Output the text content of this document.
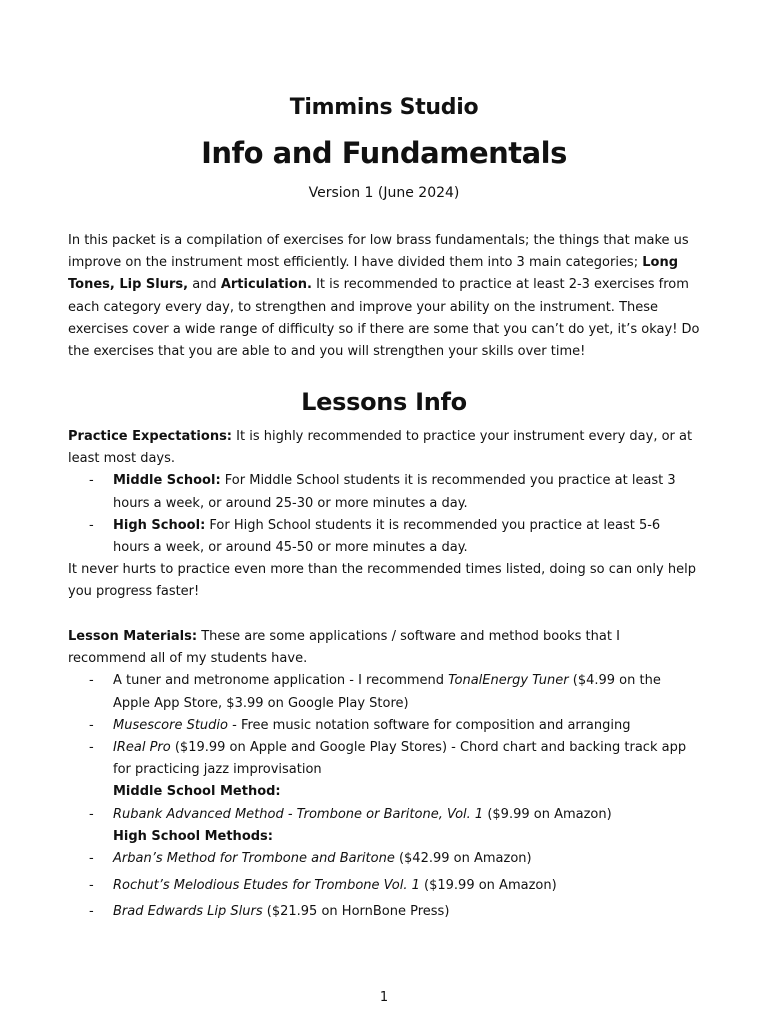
Timmins Studio
Info and Fundamentals
Version 1 (June 2024)
In this packet is a compilation of exercises for low brass fundamentals; the things that make us improve on the instrument most efficiently. I have divided them into 3 main categories; Long Tones, Lip Slurs, and Articulation. It is recommended to practice at least 2-3 exercises from each category every day, to strengthen and improve your ability on the instrument. These exercises cover a wide range of difficulty so if there are some that you can’t do yet, it’s okay! Do the exercises that you are able to and you will strengthen your skills over time!
Lessons Info

Practice Expectations: It is highly recommended to practice your instrument every day, or at least most days.

- Middle School: For Middle School students it is recommended you practice at least 3 hours a week, or around 25-30 or more minutes a day.
- High School: For High School students it is recommended you practice at least 5-6 hours a week, or around 45-50 or more minutes a day.

It never hurts to practice even more than the recommended times listed, doing so can only help you progress faster!

Lesson Materials: These are some applications / software and method books that I recommend all of my students have.

- A tuner and metronome application - I recommend TonalEnergy Tuner ($4.99 on the Apple App Store, $3.99 on Google Play Store)
- Musescore Studio - Free music notation software for composition and arranging
- IReal Pro ($19.99 on Apple and Google Play Stores) - Chord chart and backing track app for practicing jazz improvisation
Middle School Method:
- Rubank Advanced Method - Trombone or Baritone, Vol. 1 ($9.99 on Amazon)
High School Methods:
- Arban’s Method for Trombone and Baritone ($42.99 on Amazon)
- Rochut’s Melodious Etudes for Trombone Vol. 1 ($19.99 on Amazon)
- Brad Edwards Lip Slurs ($21.95 on HornBone Press)
1
